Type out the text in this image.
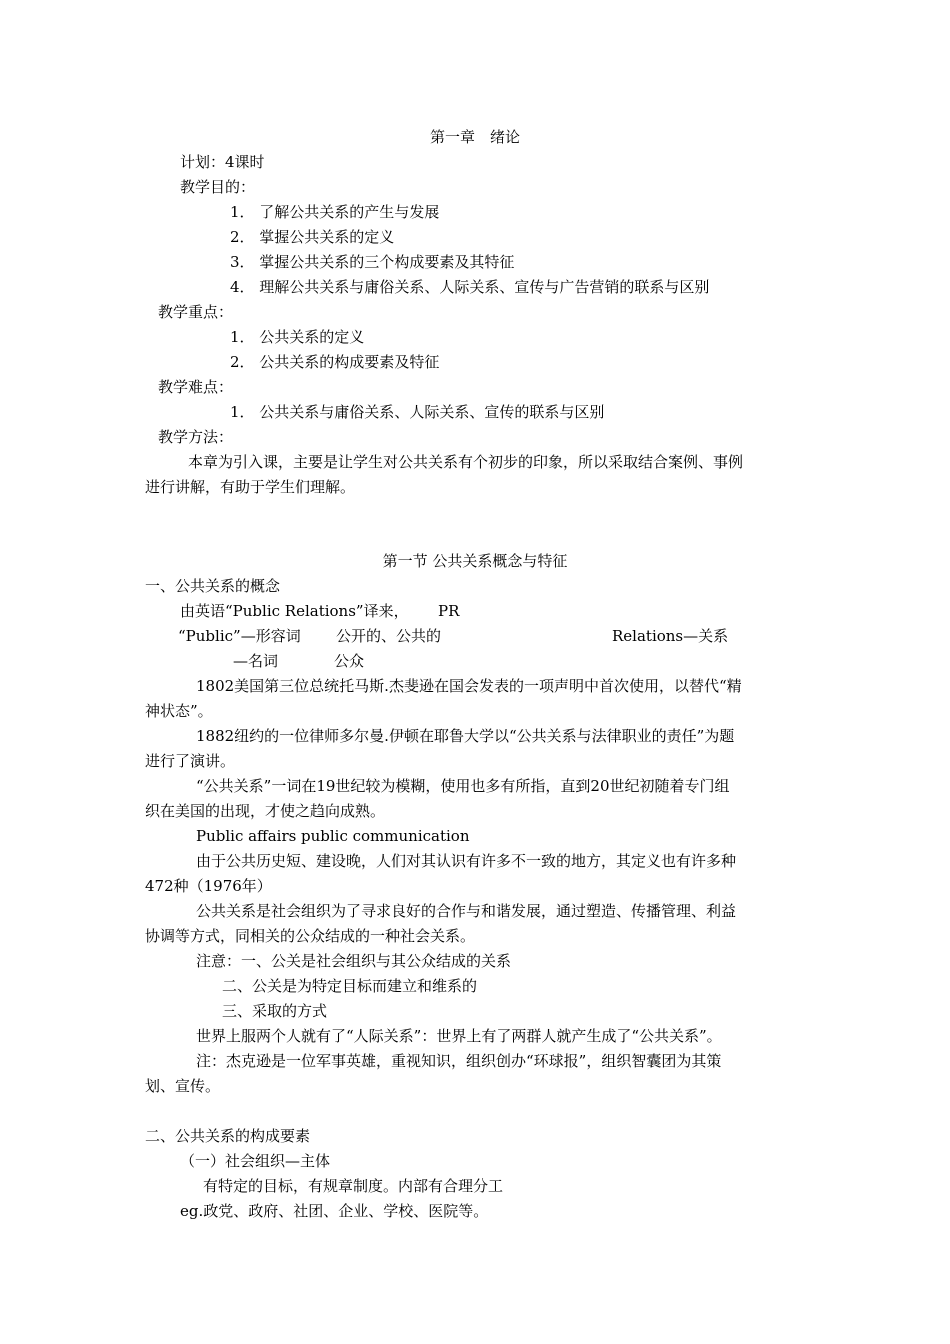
第一章　绪论
计划：4课时
教学目的：
1． 了解公共关系的产生与发展
2． 掌握公共关系的定义
3． 掌握公共关系的三个构成要素及其特征
4． 理解公共关系与庸俗关系、人际关系、宣传与广告营销的联系与区别
教学重点：
1． 公共关系的定义
2． 公共关系的构成要素及特征
教学难点：
1． 公共关系与庸俗关系、人际关系、宣传的联系与区别
教学方法：
本章为引入课，主要是让学生对公共关系有个初步的印象，所以采取结合案例、事例
进行讲解，有助于学生们理解。
第一节 公共关系概念与特征
一、公共关系的概念
由英语“Public Relations”译来， PR
“Public”—形容词 公开的、公共的	Relations—关系
—名词	公众
1802美国第三位总统托马斯.杰斐逊在国会发表的一项声明中首次使用，以替代“精
神状态”。
1882纽约的一位律师多尔曼.伊顿在耶鲁大学以“公共关系与法律职业的责任”为题
进行了演讲。
“公共关系”一词在19世纪较为模糊，使用也多有所指，直到20世纪初随着专门组
织在美国的出现，才使之趋向成熟。
Public affairs public communication
由于公共历史短、建设晚，人们对其认识有许多不一致的地方，其定义也有许多种
472种（1976年）
公共关系是社会组织为了寻求良好的合作与和谐发展，通过塑造、传播管理、利益
协调等方式，同相关的公众结成的一种社会关系。
注意：一、公关是社会组织与其公众结成的关系
二、公关是为特定目标而建立和维系的
三、采取的方式
世界上服两个人就有了“人际关系”：世界上有了两群人就产生成了“公共关系”。
注：杰克逊是一位军事英雄，重视知识，组织创办“环球报”，组织智囊团为其策
划、宣传。
二、公共关系的构成要素
（一）社会组织—主体
有特定的目标，有规章制度。内部有合理分工
eg.政党、政府、社团、企业、学校、医院等。
